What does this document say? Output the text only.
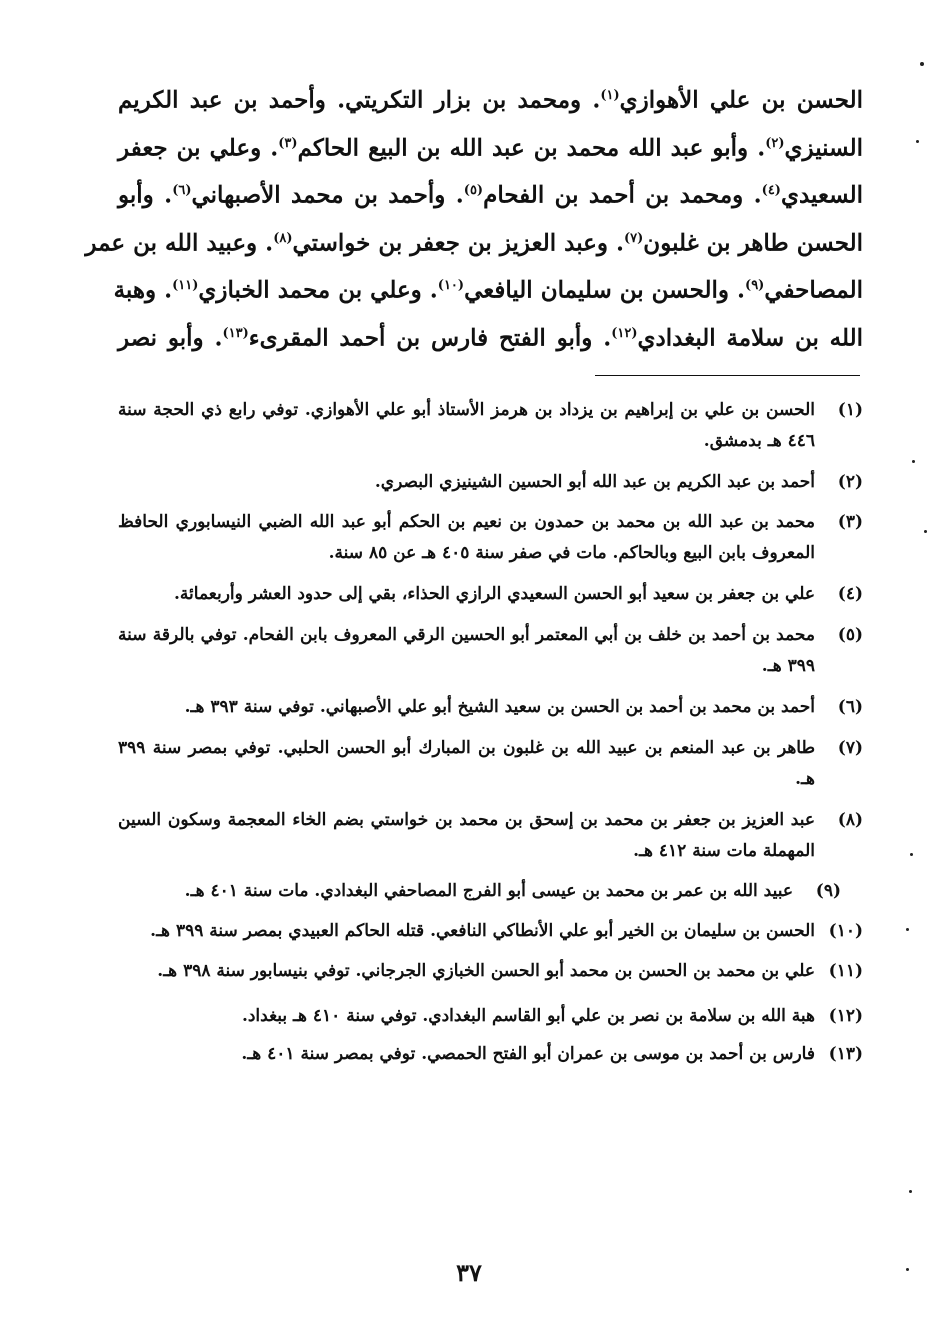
الحسن بن علي الأهوازي$^{(١)}$. ومحمد بن بزار التكريتي. وأحمد بن عبد الكريم
السنيزي$^{(٢)}$. وأبو عبد الله محمد بن عبد الله بن البيع الحاكم$^{(٣)}$. وعلي بن جعفر
السعيدي$^{(٤)}$. ومحمد بن أحمد بن الفحام$^{(٥)}$. وأحمد بن محمد الأصبهاني$^{(٦)}$. وأبو
الحسن طاهر بن غلبون$^{(٧)}$. وعبد العزيز بن جعفر بن خواستي$^{(٨)}$. وعبيد الله بن عمر
المصاحفي$^{(٩)}$. والحسن بن سليمان اليافعي$^{(١٠)}$. وعلي بن محمد الخبازي$^{(١١)}$. وهبة
الله بن سلامة البغدادي$^{(١٢)}$. وأبو الفتح فارس بن أحمد المقرىء$^{(١٣)}$. وأبو نصر
(١)
الحسن بن علي بن إبراهيم بن يزداد بن هرمز الأستاذ أبو علي الأهوازي. توفي رابع ذي الحجة سنة ٤٤٦ هـ بدمشق.
(٢)
أحمد بن عبد الكريم بن عبد الله أبو الحسين الشينيزي البصري.
(٣)
محمد بن عبد الله بن محمد بن حمدون بن نعيم بن الحكم أبو عبد الله الضبي النيسابوري الحافظ المعروف بابن البيع وبالحاكم. مات في صفر سنة ٤٠٥ هـ عن ٨٥ سنة.
(٤)
علي بن جعفر بن سعيد أبو الحسن السعيدي الرازي الحذاء، بقي إلى حدود العشر وأربعمائة.
(٥)
محمد بن أحمد بن خلف بن أبي المعتمر أبو الحسين الرقي المعروف بابن الفحام. توفي بالرقة سنة ٣٩٩ هـ.
(٦)
أحمد بن محمد بن أحمد بن الحسن بن سعيد الشيخ أبو علي الأصبهاني. توفي سنة ٣٩٣ هـ.
(٧)
طاهر بن عبد المنعم بن عبيد الله بن غلبون بن المبارك أبو الحسن الحلبي. توفي بمصر سنة ٣٩٩ هـ.
(٨)
عبد العزيز بن جعفر بن محمد بن إسحق بن محمد بن خواستي بضم الخاء المعجمة وسكون السين المهملة مات سنة ٤١٢ هـ.
(٩)
عبيد الله بن عمر بن محمد بن عيسى أبو الفرج المصاحفي البغدادي. مات سنة ٤٠١ هـ.
(١٠)
الحسن بن سليمان بن الخير أبو علي الأنطاكي النافعي. قتله الحاكم العبيدي بمصر سنة ٣٩٩ هـ.
(١١)
علي بن محمد بن الحسن بن محمد أبو الحسن الخبازي الجرجاني. توفي بنيسابور سنة ٣٩٨ هـ.
(١٢)
هبة الله بن سلامة بن نصر بن علي أبو القاسم البغدادي. توفي سنة ٤١٠ هـ ببغداد.
(١٣)
فارس بن أحمد بن موسى بن عمران أبو الفتح الحمصي. توفي بمصر سنة ٤٠١ هـ.
٣٧
